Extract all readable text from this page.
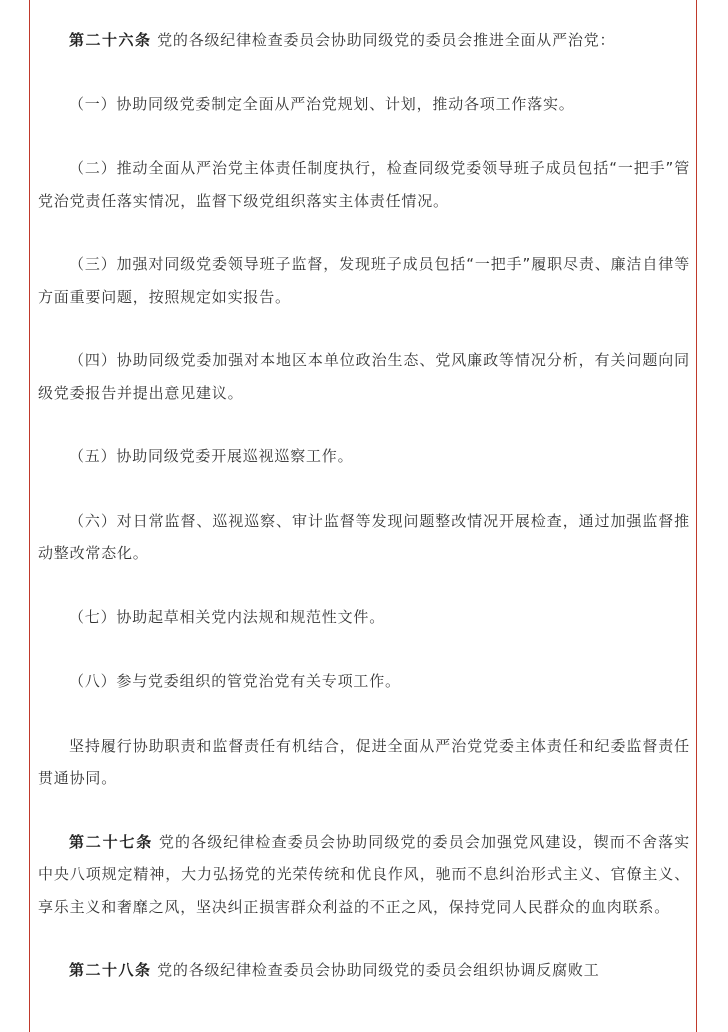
第二十六条 党的各级纪律检查委员会协助同级党的委员会推进全面从严治党：

（一）协助同级党委制定全面从严治党规划、计划，推动各项工作落实。

（二）推动全面从严治党主体责任制度执行，检查同级党委领导班子成员包括“一把手”管党治党责任落实情况，监督下级党组织落实主体责任情况。

（三）加强对同级党委领导班子监督，发现班子成员包括“一把手”履职尽责、廉洁自律等方面重要问题，按照规定如实报告。

（四）协助同级党委加强对本地区本单位政治生态、党风廉政等情况分析，有关问题向同级党委报告并提出意见建议。

（五）协助同级党委开展巡视巡察工作。

（六）对日常监督、巡视巡察、审计监督等发现问题整改情况开展检查，通过加强监督推动整改常态化。

（七）协助起草相关党内法规和规范性文件。

（八）参与党委组织的管党治党有关专项工作。

坚持履行协助职责和监督责任有机结合，促进全面从严治党党委主体责任和纪委监督责任贯通协同。

第二十七条 党的各级纪律检查委员会协助同级党的委员会加强党风建设，锲而不舍落实中央八项规定精神，大力弘扬党的光荣传统和优良作风，驰而不息纠治形式主义、官僚主义、享乐主义和奢靡之风，坚决纠正损害群众利益的不正之风，保持党同人民群众的血肉联系。

第二十八条 党的各级纪律检查委员会协助同级党的委员会组织协调反腐败工
